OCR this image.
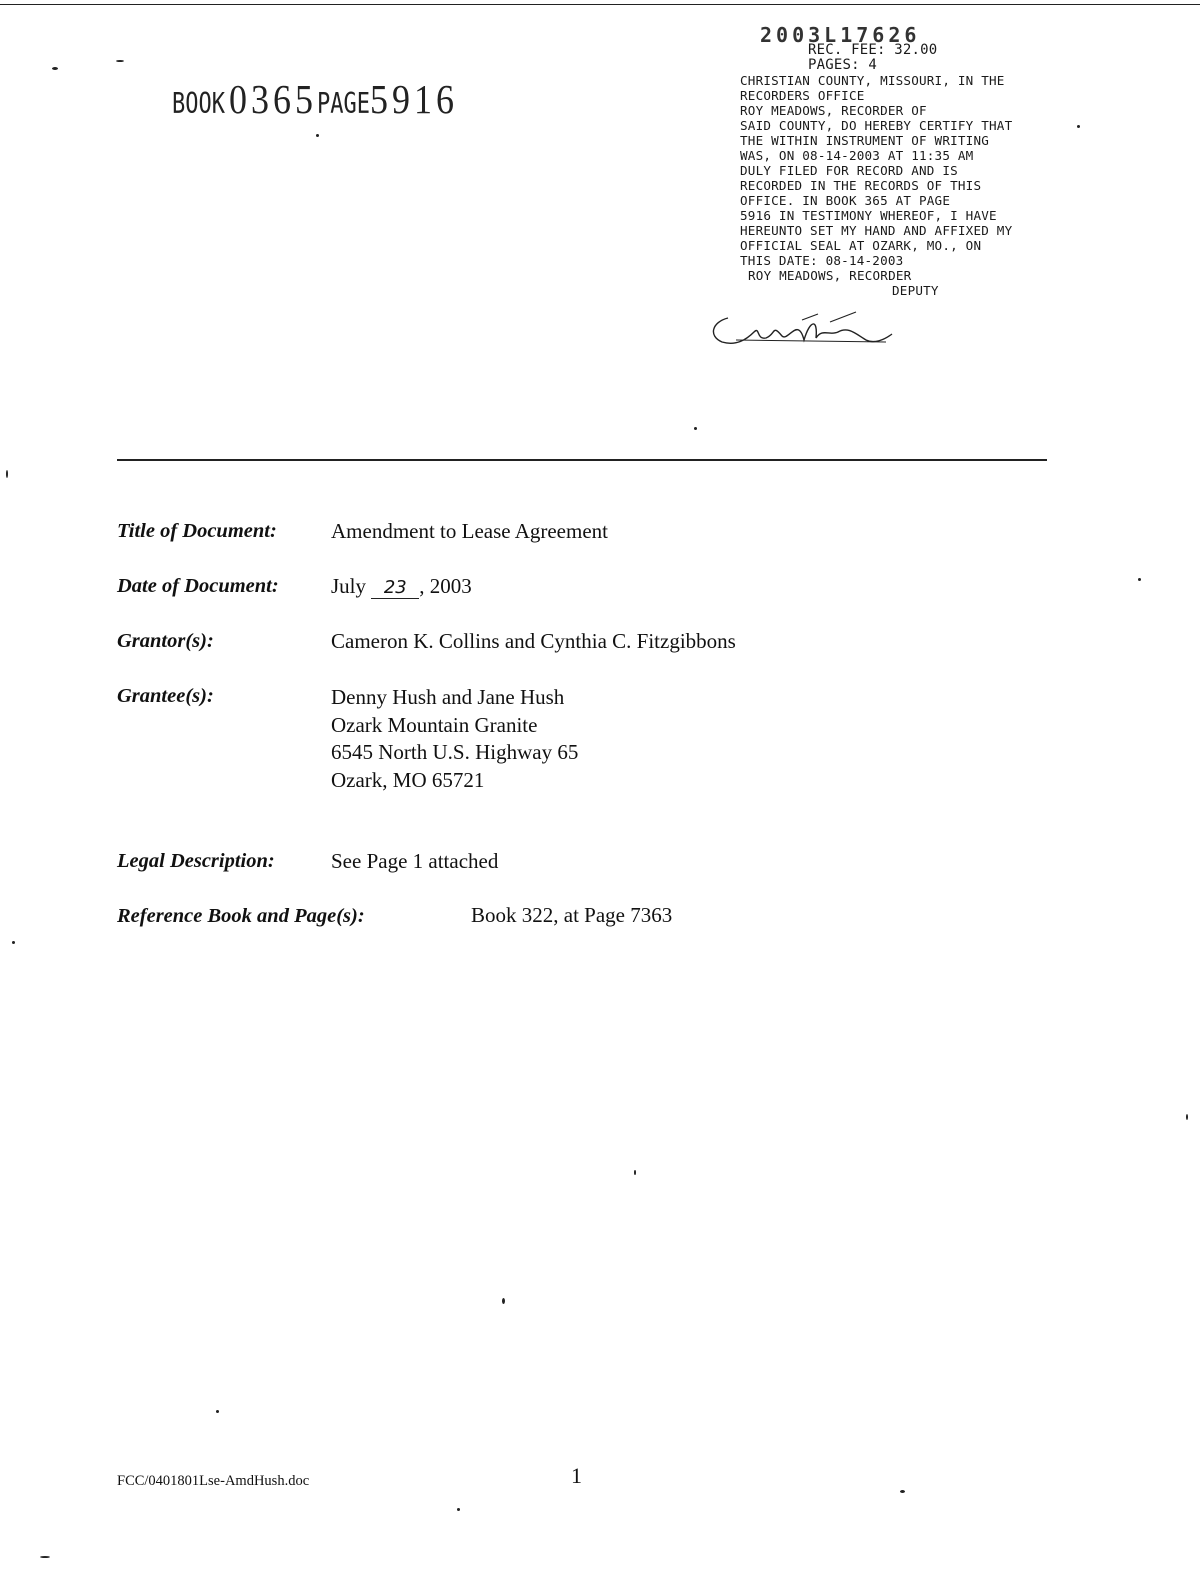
BOOK 0365PAGE5916
2003L17626
REC. FEE: 32.00
PAGES: 4
CHRISTIAN COUNTY, MISSOURI, IN THE
RECORDERS OFFICE
ROY MEADOWS, RECORDER OF
SAID COUNTY, DO HEREBY CERTIFY THAT
THE WITHIN INSTRUMENT OF WRITING
WAS, ON 08-14-2003 AT 11:35 AM
DULY FILED FOR RECORD AND IS
RECORDED IN THE RECORDS OF THIS
OFFICE. IN BOOK 365 AT PAGE
5916 IN TESTIMONY WHEREOF, I HAVE
HEREUNTO SET MY HAND AND AFFIXED MY
OFFICIAL SEAL AT OZARK, MO., ON
THIS DATE: 08-14-2003
ROY MEADOWS, RECORDER
DEPUTY
Title of Document:	Amendment to Lease Agreement
Date of Document: July 23 , 2003
Grantor(s):	Cameron K. Collins and Cynthia C. Fitzgibbons
Grantee(s):	Denny Hush and Jane Hush
Ozark Mountain Granite
6545 North U.S. Highway 65
Ozark, MO 65721
Legal Description:	See Page 1 attached
Reference Book and Page(s):	Book 322, at Page 7363
FCC/0401801Lse-AmdHush.doc	1
